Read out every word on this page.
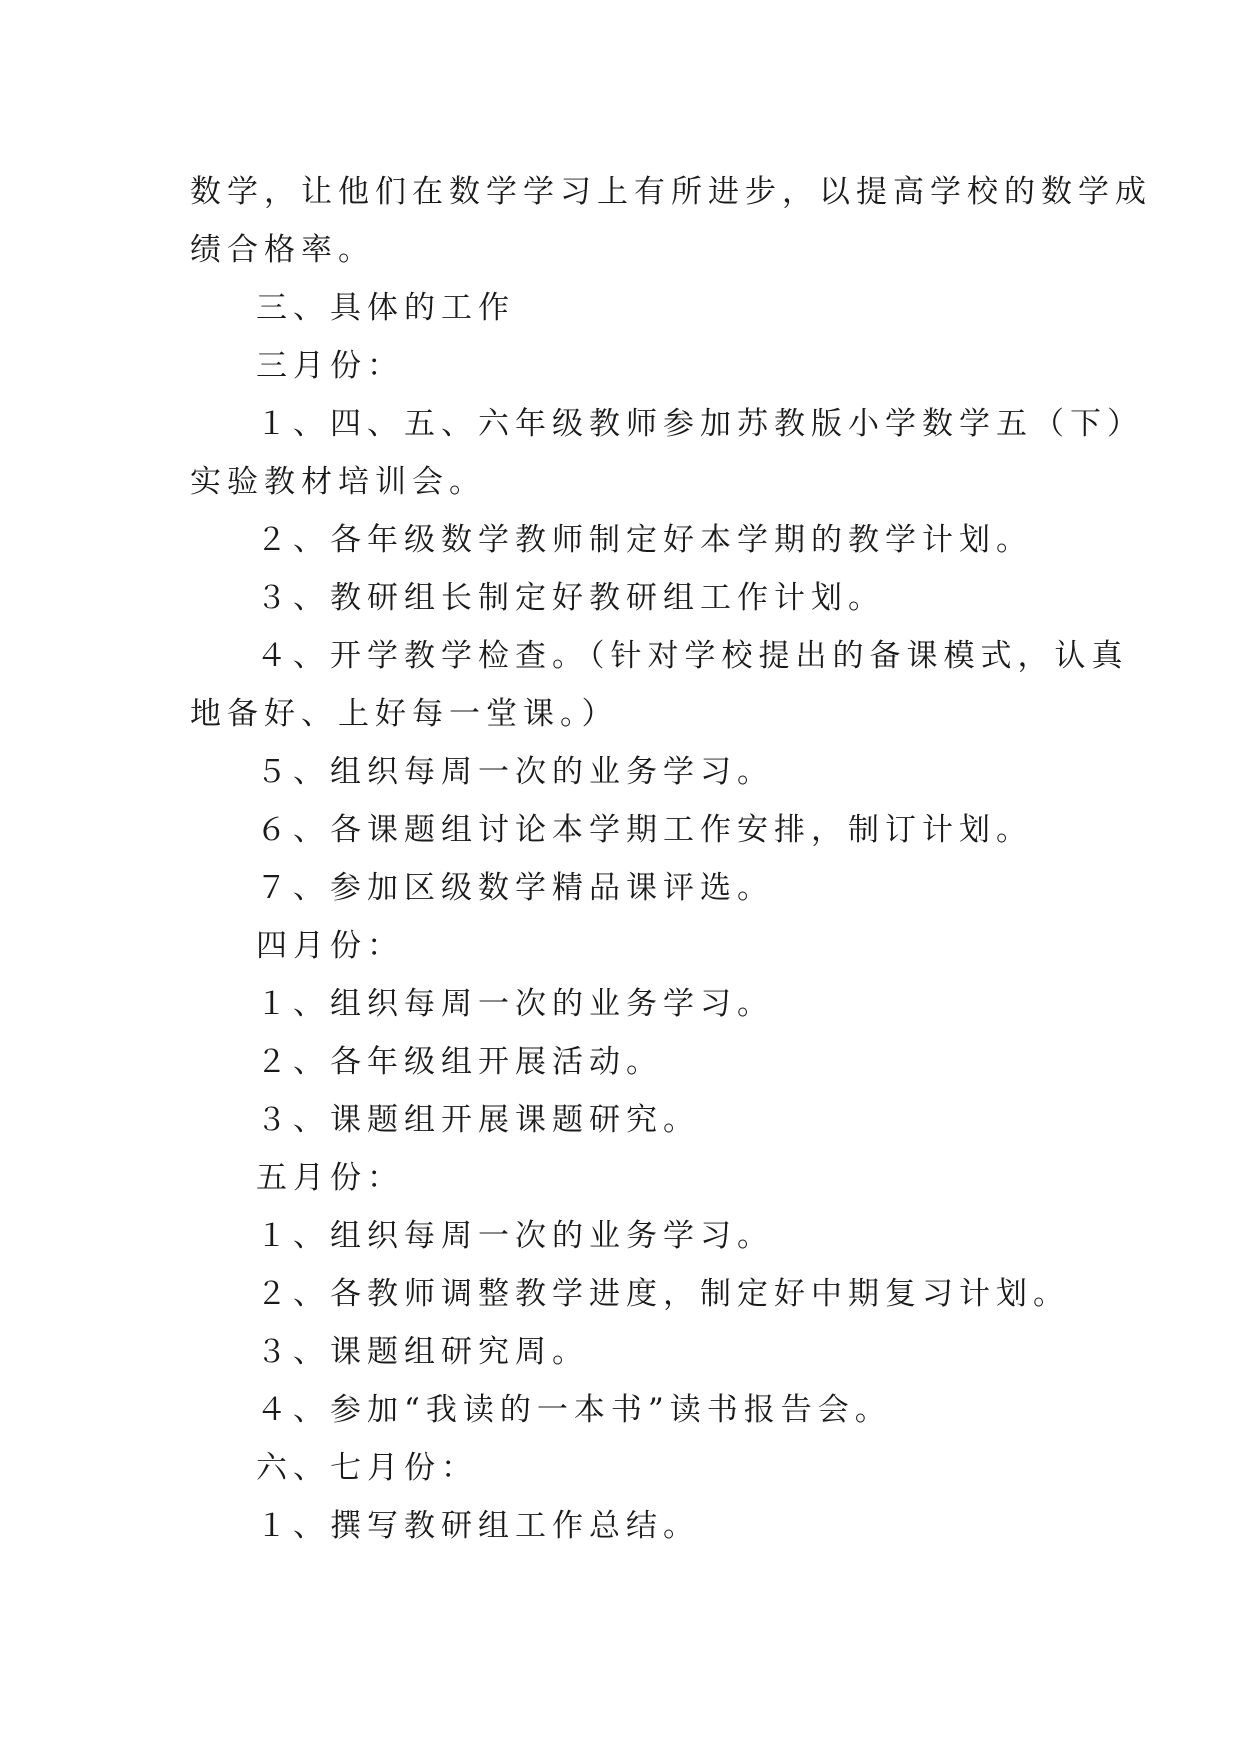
数学，让他们在数学学习上有所进步，以提高学校的数学成
绩合格率。
三、具体的工作
三月份：
１、四、五、六年级教师参加苏教版小学数学五（下）
实验教材培训会。
２、各年级数学教师制定好本学期的教学计划。
３、教研组长制定好教研组工作计划。
４、开学教学检查。（针对学校提出的备课模式，认真
地备好、上好每一堂课。）
５、组织每周一次的业务学习。
６、各课题组讨论本学期工作安排，制订计划。
７、参加区级数学精品课评选。
四月份：
１、组织每周一次的业务学习。
２、各年级组开展活动。
３、课题组开展课题研究。
五月份：
１、组织每周一次的业务学习。
２、各教师调整教学进度，制定好中期复习计划。
３、课题组研究周。
４、参加“我读的一本书”读书报告会。
六、七月份：
１、撰写教研组工作总结。
